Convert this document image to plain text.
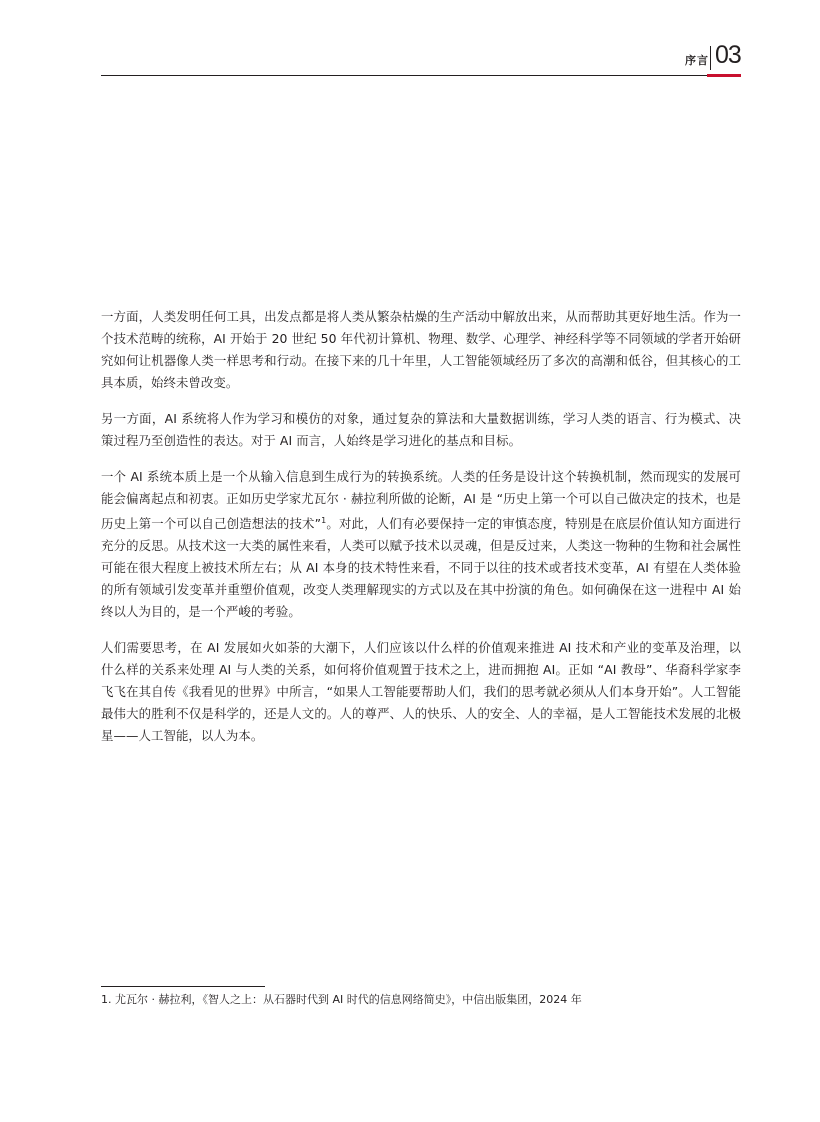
序言 03

一方面，人类发明任何工具，出发点都是将人类从繁杂枯燥的生产活动中解放出来，从而帮助其更好地生活。作为一个技术范畴的统称，AI 开始于 20 世纪 50 年代初计算机、物理、数学、心理学、神经科学等不同领域的学者开始研究如何让机器像人类一样思考和行动。在接下来的几十年里，人工智能领域经历了多次的高潮和低谷，但其核心的工具本质，始终未曾改变。

另一方面，AI 系统将人作为学习和模仿的对象，通过复杂的算法和大量数据训练，学习人类的语言、行为模式、决策过程乃至创造性的表达。对于 AI 而言，人始终是学习进化的基点和目标。

一个 AI 系统本质上是一个从输入信息到生成行为的转换系统。人类的任务是设计这个转换机制，然而现实的发展可能会偏离起点和初衷。正如历史学家尤瓦尔 · 赫拉利所做的论断，AI 是 “历史上第一个可以自己做决定的技术，也是历史上第一个可以自己创造想法的技术”$^1$。对此，人们有必要保持一定的审慎态度，特别是在底层价值认知方面进行充分的反思。从技术这一大类的属性来看，人类可以赋予技术以灵魂，但是反过来，人类这一物种的生物和社会属性可能在很大程度上被技术所左右；从 AI 本身的技术特性来看，不同于以往的技术或者技术变革，AI 有望在人类体验的所有领域引发变革并重塑价值观，改变人类理解现实的方式以及在其中扮演的角色。如何确保在这一进程中 AI 始终以人为目的，是一个严峻的考验。

人们需要思考，在 AI 发展如火如荼的大潮下，人们应该以什么样的价值观来推进 AI 技术和产业的变革及治理，以什么样的关系来处理 AI 与人类的关系，如何将价值观置于技术之上，进而拥抱 AI。正如 “AI 教母”、华裔科学家李飞飞在其自传《我看见的世界》中所言，“如果人工智能要帮助人们，我们的思考就必须从人们本身开始”。人工智能最伟大的胜利不仅是科学的，还是人文的。人的尊严、人的快乐、人的安全、人的幸福，是人工智能技术发展的北极星——人工智能，以人为本。

1. 尤瓦尔 · 赫拉利，《智人之上：从石器时代到 AI 时代的信息网络简史》，中信出版集团，2024 年
